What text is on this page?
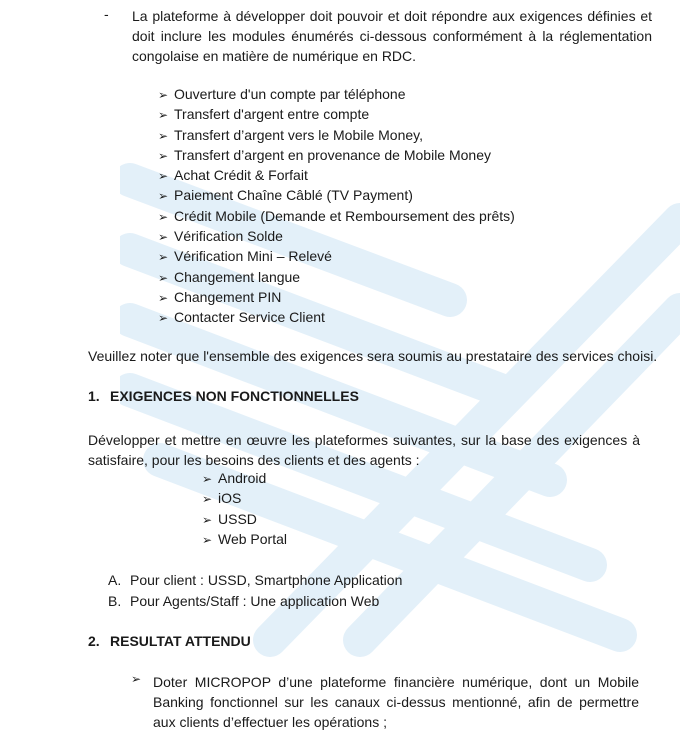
- La plateforme à développer doit pouvoir et doit répondre aux exigences définies et doit inclure les modules énumérés ci-dessous conformément à la réglementation congolaise en matière de numérique en RDC.

➢ Ouverture d'un compte par téléphone
➢ Transfert d'argent entre compte
➢ Transfert d’argent vers le Mobile Money,
➢ Transfert d’argent en provenance de Mobile Money
➢ Achat Crédit & Forfait
➢ Paiement Chaîne Câblé (TV Payment)
➢ Crédit Mobile (Demande et Remboursement des prêts)
➢ Vérification Solde
➢ Vérification Mini – Relevé
➢ Changement langue
➢ Changement PIN
➢ Contacter Service Client

Veuillez noter que l'ensemble des exigences sera soumis au prestataire des services choisi.

1. EXIGENCES NON FONCTIONNELLES

Développer et mettre en œuvre les plateformes suivantes, sur la base des exigences à satisfaire, pour les besoins des clients et des agents :

➢ Android
➢ iOS
➢ USSD
➢ Web Portal
A. Pour client : USSD, Smartphone Application
B. Pour Agents/Staff : Une application Web

2. RESULTAT ATTENDU

➢ Doter MICROPOP d’une plateforme financière numérique, dont un Mobile Banking fonctionnel sur les canaux ci-dessus mentionné, afin de permettre aux clients d’effectuer les opérations ;
